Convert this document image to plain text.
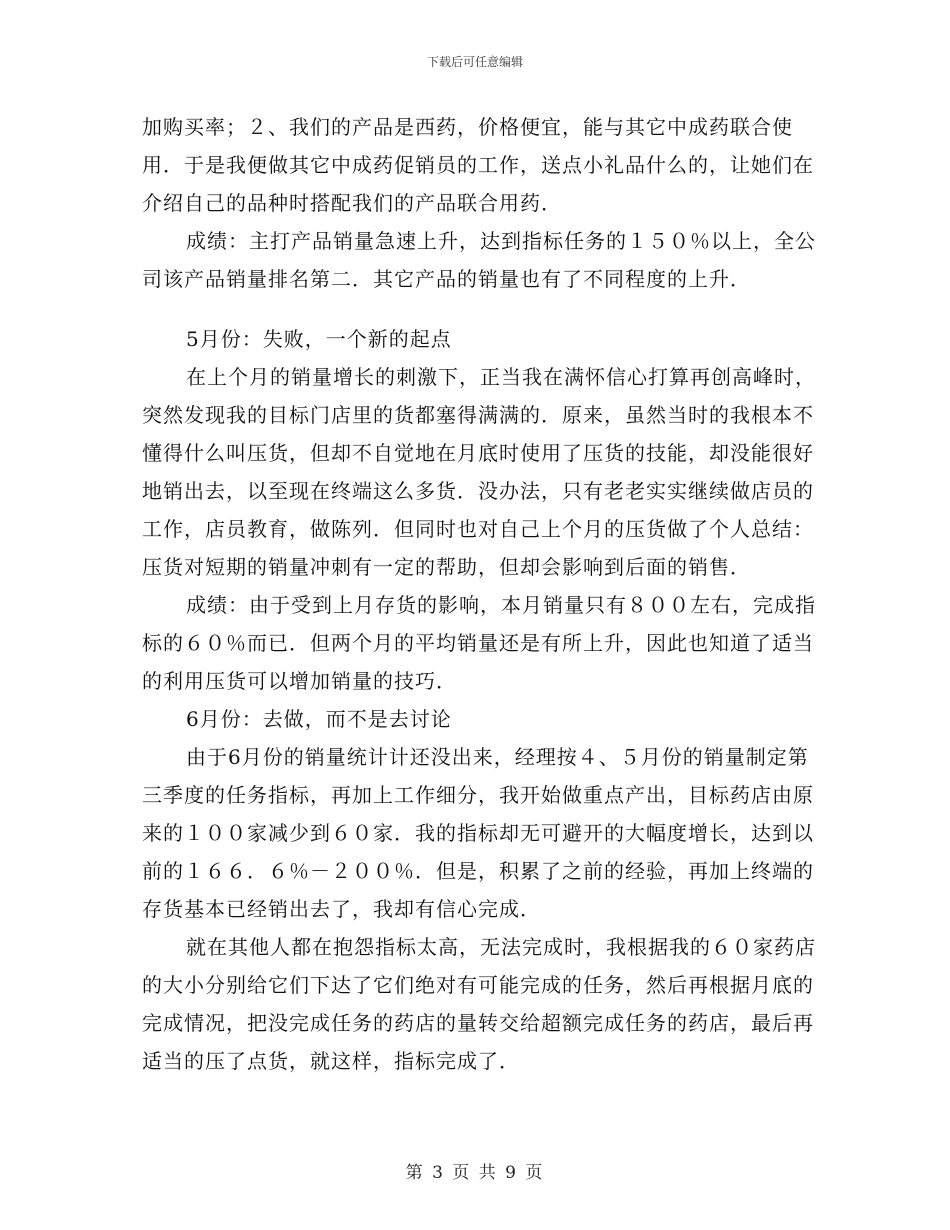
下载后可任意编辑

加购买率；２、我们的产品是西药，价格便宜，能与其它中成药联合使用．于是我便做其它中成药促销员的工作，送点小礼品什么的，让她们在介绍自己的品种时搭配我们的产品联合用药．

成绩：主打产品销量急速上升，达到指标任务的１５０％以上，全公司该产品销量排名第二．其它产品的销量也有了不同程度的上升．

5月份：失败，一个新的起点

在上个月的销量增长的刺激下，正当我在满怀信心打算再创高峰时，突然发现我的目标门店里的货都塞得满满的．原来，虽然当时的我根本不懂得什么叫压货，但却不自觉地在月底时使用了压货的技能，却没能很好地销出去，以至现在终端这么多货．没办法，只有老老实实继续做店员的工作，店员教育，做陈列．但同时也对自己上个月的压货做了个人总结：压货对短期的销量冲刺有一定的帮助，但却会影响到后面的销售．

成绩：由于受到上月存货的影响，本月销量只有８００左右，完成指标的６０％而已．但两个月的平均销量还是有所上升，因此也知道了适当的利用压货可以增加销量的技巧．

6月份：去做，而不是去讨论

由于6月份的销量统计计还没出来，经理按４、５月份的销量制定第三季度的任务指标，再加上工作细分，我开始做重点产出，目标药店由原来的１００家减少到６０家．我的指标却无可避开的大幅度增长，达到以前的１６６．６％－２００％．但是，积累了之前的经验，再加上终端的存货基本已经销出去了，我却有信心完成．

就在其他人都在抱怨指标太高，无法完成时，我根据我的６０家药店的大小分别给它们下达了它们绝对有可能完成的任务，然后再根据月底的完成情况，把没完成任务的药店的量转交给超额完成任务的药店，最后再适当的压了点货，就这样，指标完成了．

第 3 页 共 9 页
